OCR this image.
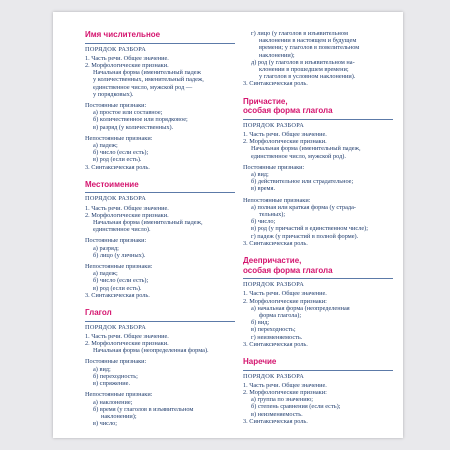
Имя числительное
ПОРЯДОК РАЗБОРА
1. Часть речи. Общее значение.
2. Морфологические признаки.
Начальная форма (именительный падеж
у количественных, именительный падеж,
единственное число, мужской род —
у порядковых).
Постоянные признаки:
а) простое или составное;
б) количественное или порядковое;
в) разряд (у количественных).
Непостоянные признаки:
а) падеж;
б) число (если есть);
в) род (если есть).
3. Синтаксическая роль.
Местоимение
ПОРЯДОК РАЗБОРА
1. Часть речи. Общее значение.
2. Морфологические признаки.
Начальная форма (именительный падеж,
единственное число).
Постоянные признаки:
а) разряд;
б) лицо (у личных).
Непостоянные признаки:
а) падеж;
б) число (если есть);
в) род (если есть).
3. Синтаксическая роль.
Глагол
ПОРЯДОК РАЗБОРА
1. Часть речи. Общее значение.
2. Морфологические признаки.
Начальная форма (неопределенная форма).
Постоянные признаки:
а) вид;
б) переходность;
в) спряжение.
Непостоянные признаки:
а) наклонение;
б) время (у глаголов в изъявительном
наклонении);
в) число;
г) лицо (у глаголов в изъявительном
наклонении в настоящем и будущем
времени; у глаголов в повелительном
наклонении);
д) род (у глаголов в изъявительном на-
клонении в прошедшем времени;
у глаголов в условном наклонении).
3. Синтаксическая роль.
Причастие,
особая форма глагола
ПОРЯДОК РАЗБОРА
1. Часть речи. Общее значение.
2. Морфологические признаки.
Начальная форма (именительный падеж,
единственное число, мужской род).
Постоянные признаки:
а) вид;
б) действительное или страдательное;
в) время.
Непостоянные признаки:
а) полная или краткая форма (у страда-
тельных);
б) число;
в) род (у причастий в единственном числе);
г) падеж (у причастий в полной форме).
3. Синтаксическая роль.
Деепричастие,
особая форма глагола
ПОРЯДОК РАЗБОРА
1. Часть речи. Общее значение.
2. Морфологические признаки:
а) начальная форма (неопределенная
форма глагола);
б) вид;
в) переходность;
г) неизменяемость.
3. Синтаксическая роль.
Наречие
ПОРЯДОК РАЗБОРА
1. Часть речи. Общее значение.
2. Морфологические признаки:
а) группа по значению;
б) степень сравнения (если есть);
в) неизменяемость.
3. Синтаксическая роль.
